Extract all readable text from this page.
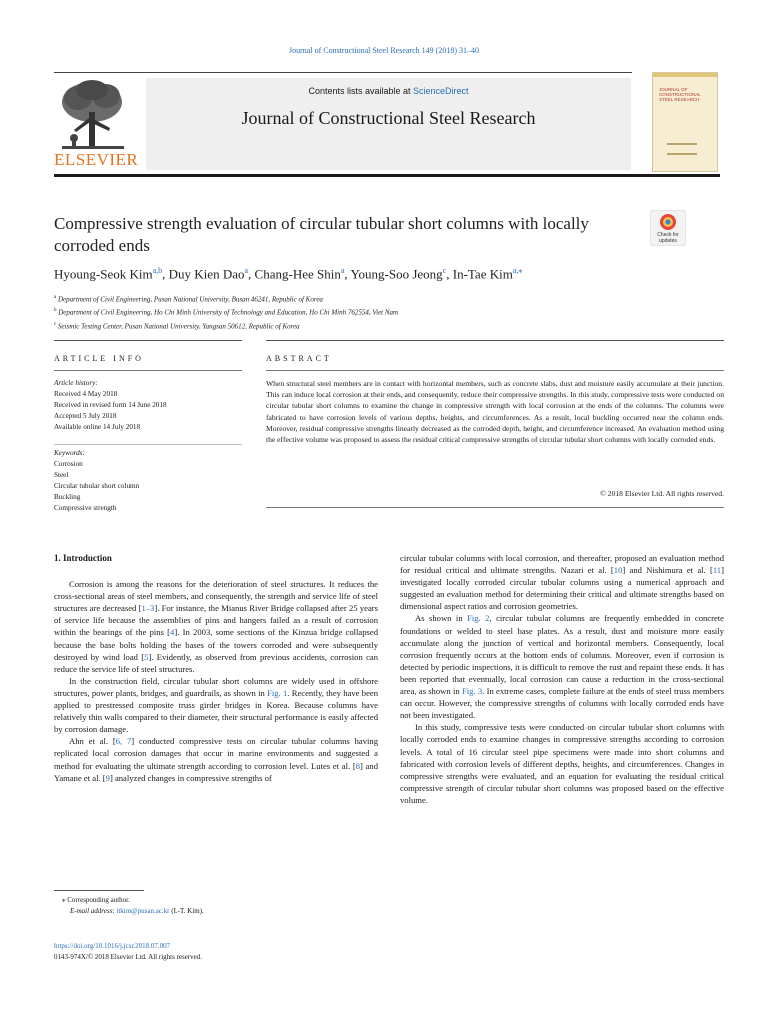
Journal of Constructional Steel Research 149 (2018) 31–40
ELSEVIER
Contents lists available at ScienceDirect
Journal of Constructional Steel Research
JOURNAL OF CONSTRUCTIONAL STEEL RESEARCH
Compressive strength evaluation of circular tubular short columns with locally corroded ends
Check for updates
Hyoung-Seok Kim$^{a,b}$, Duy Kien Dao$^a$, Chang-Hee Shin$^a$, Young-Soo Jeong$^c$, In-Tae Kim$^{a,⁎}$
$^a$ Department of Civil Engineering, Pusan National University, Busan 46241, Republic of Korea
$^b$ Department of Civil Engineering, Ho Chi Minh University of Technology and Education, Ho Chi Minh 762554, Viet Nam
$^c$ Seismic Testing Center, Pusan National University, Yangsan 50612, Republic of Korea
ARTICLE INFO	ABSTRACT
Article history:
Received 4 May 2018
Received in revised form 14 June 2018
Accepted 5 July 2018
Available online 14 July 2018
Keywords:
Corrosion
Steel
Circular tubular short column
Buckling
Compressive strength
When structural steel members are in contact with horizontal members, such as concrete slabs, dust and moisture easily accumulate at their junction. This can induce local corrosion at their ends, and consequently, reduce their compressive strengths. In this study, compressive tests were conducted on circular tubular short columns to examine the change in compressive strength with local corrosion at the ends of the columns. The columns were fabricated to have corrosion levels of various depths, heights, and circumferences. As a result, local buckling occurred near the column ends. Moreover, residual compressive strengths linearly decreased as the corroded depth, height, and circumference increased. An evaluation method using the effective volume was proposed to assess the residual critical compressive strengths of circular tubular short columns with locally corroded ends.
© 2018 Elsevier Ltd. All rights reserved.

1. Introduction

Corrosion is among the reasons for the deterioration of steel structures. It reduces the cross-sectional areas of steel members, and consequently, the strength and service life of steel structures are decreased [1–3]. For instance, the Mianus River Bridge collapsed after 25 years of service life because the assemblies of pins and hangers failed as a result of corrosion within the bearings of the pins [4]. In 2003, some sections of the Kinzua bridge collapsed because the base bolts holding the bases of the towers corroded and were subsequently destroyed by wind load [5]. Evidently, as observed from previous accidents, corrosion can reduce the service life of steel structures.

In the construction field, circular tubular short columns are widely used in offshore structures, power plants, bridges, and guardrails, as shown in Fig. 1. Recently, they have been applied to prestressed composite truss girder bridges in Korea. Because columns have relatively thin walls compared to their diameter, their structural performance is easily affected by corrosion damage.

Ahn et al. [6, 7] conducted compressive tests on circular tubular columns having replicated local corrosion damages that occur in marine environments and suggested a method for evaluating the ultimate strength according to corrosion level. Lutes et al. [8] and Yamane et al. [9] analyzed changes in compressive strengths of

circular tubular columns with local corrosion, and thereafter, proposed an evaluation method for residual critical and ultimate strengths. Nazari et al. [10] and Nishimura et al. [11] investigated locally corroded circular tubular columns using a numerical approach and suggested an evaluation method for determining their critical and ultimate strengths based on dimensional aspect ratios and corrosion geometries.

As shown in Fig. 2, circular tubular columns are frequently embedded in concrete foundations or welded to steel base plates. As a result, dust and moisture more easily accumulate along the junction of vertical and horizontal members. Consequently, local corrosion frequently occurs at the bottom ends of columns. Moreover, even if corrosion is detected by periodic inspections, it is difficult to remove the rust and repaint these ends. It has been reported that eventually, local corrosion can cause a reduction in the cross-sectional area, as shown in Fig. 3. In extreme cases, complete failure at the ends of steel truss members can occur. However, the compressive strengths of columns with locally corroded ends have not been investigated.

In this study, compressive tests were conducted on circular tubular short columns with locally corroded ends to examine changes in compressive strengths according to corrosion levels. A total of 16 circular steel pipe specimens were made into short columns and fabricated with corrosion levels of different depths, heights, and circumferences. Changes in compressive strengths were evaluated, and an equation for evaluating the residual critical compressive strength of circular tubular short columns was proposed based on the effective volume.

⁎ Corresponding author.
E-mail address: itkim@pusan.ac.kr (I.-T. Kim).
https://doi.org/10.1016/j.jcsr.2018.07.007
0143-974X/© 2018 Elsevier Ltd. All rights reserved.
